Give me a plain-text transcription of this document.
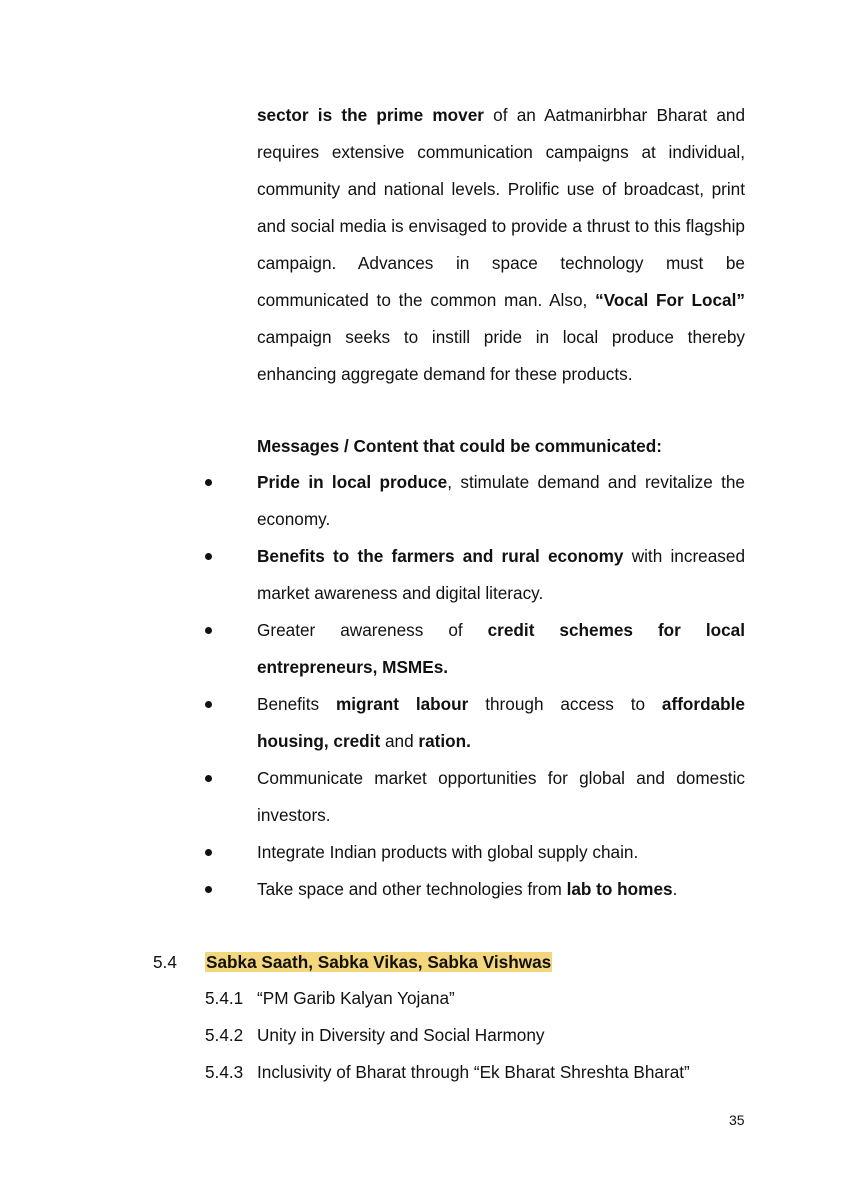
sector is the prime mover of an Aatmanirbhar Bharat and requires extensive communication campaigns at individual, community and national levels. Prolific use of broadcast, print and social media is envisaged to provide a thrust to this flagship campaign. Advances in space technology must be communicated to the common man. Also, “Vocal For Local” campaign seeks to instill pride in local produce thereby enhancing aggregate demand for these products.

Messages / Content that could be communicated:

Pride in local produce, stimulate demand and revitalize the economy.
Benefits to the farmers and rural economy with increased market awareness and digital literacy.
Greater awareness of credit schemes for local entrepreneurs, MSMEs.
Benefits migrant labour through access to affordable housing, credit and ration.
Communicate market opportunities for global and domestic investors.
Integrate Indian products with global supply chain.
Take space and other technologies from lab to homes.
5.4 Sabka Saath, Sabka Vikas, Sabka Vishwas
5.4.1 “PM Garib Kalyan Yojana”
5.4.2 Unity in Diversity and Social Harmony
5.4.3 Inclusivity of Bharat through “Ek Bharat Shreshta Bharat”
35
